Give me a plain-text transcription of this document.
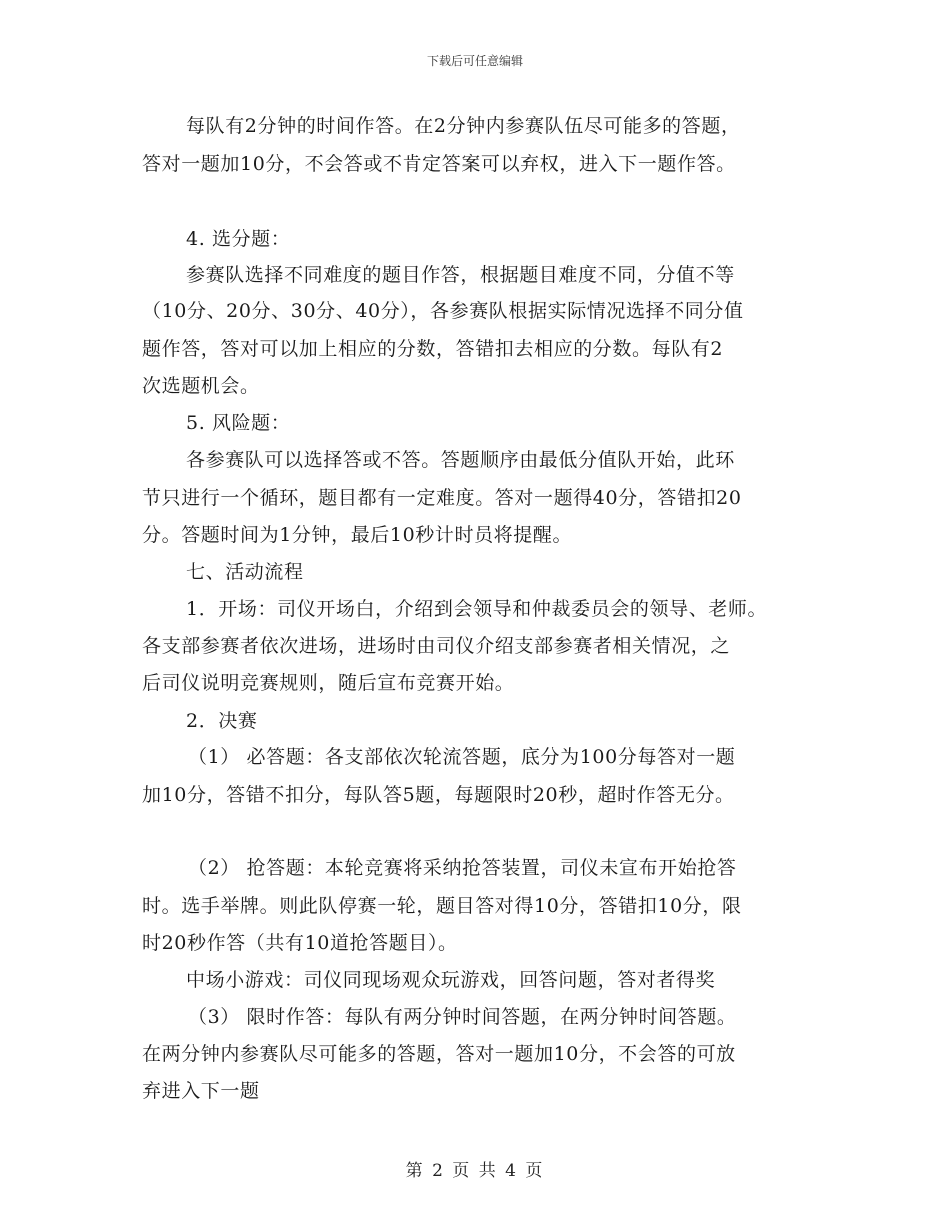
下载后可任意编辑
每队有2分钟的时间作答。在2分钟内参赛队伍尽可能多的答题，
答对一题加10分，不会答或不肯定答案可以弃权，进入下一题作答。
4. 选分题：
参赛队选择不同难度的题目作答，根据题目难度不同，分值不等
（10分、20分、30分、40分），各参赛队根据实际情况选择不同分值
题作答，答对可以加上相应的分数，答错扣去相应的分数。每队有2
次选题机会。
5. 风险题：
各参赛队可以选择答或不答。答题顺序由最低分值队开始，此环
节只进行一个循环，题目都有一定难度。答对一题得40分，答错扣20
分。答题时间为1分钟，最后10秒计时员将提醒。
七、活动流程
1．开场：司仪开场白，介绍到会领导和仲裁委员会的领导、老师。
各支部参赛者依次进场，进场时由司仪介绍支部参赛者相关情况，之
后司仪说明竞赛规则，随后宣布竞赛开始。
2．决赛
（1） 必答题：各支部依次轮流答题，底分为100分每答对一题
加10分，答错不扣分，每队答5题，每题限时20秒，超时作答无分。
（2） 抢答题：本轮竞赛将采纳抢答装置，司仪未宣布开始抢答
时。选手举牌。则此队停赛一轮，题目答对得10分，答错扣10分，限
时20秒作答（共有10道抢答题目）。
中场小游戏：司仪同现场观众玩游戏，回答问题，答对者得奖
（3） 限时作答：每队有两分钟时间答题，在两分钟时间答题。
在两分钟内参赛队尽可能多的答题，答对一题加10分，不会答的可放
弃进入下一题
第 2 页 共 4 页
